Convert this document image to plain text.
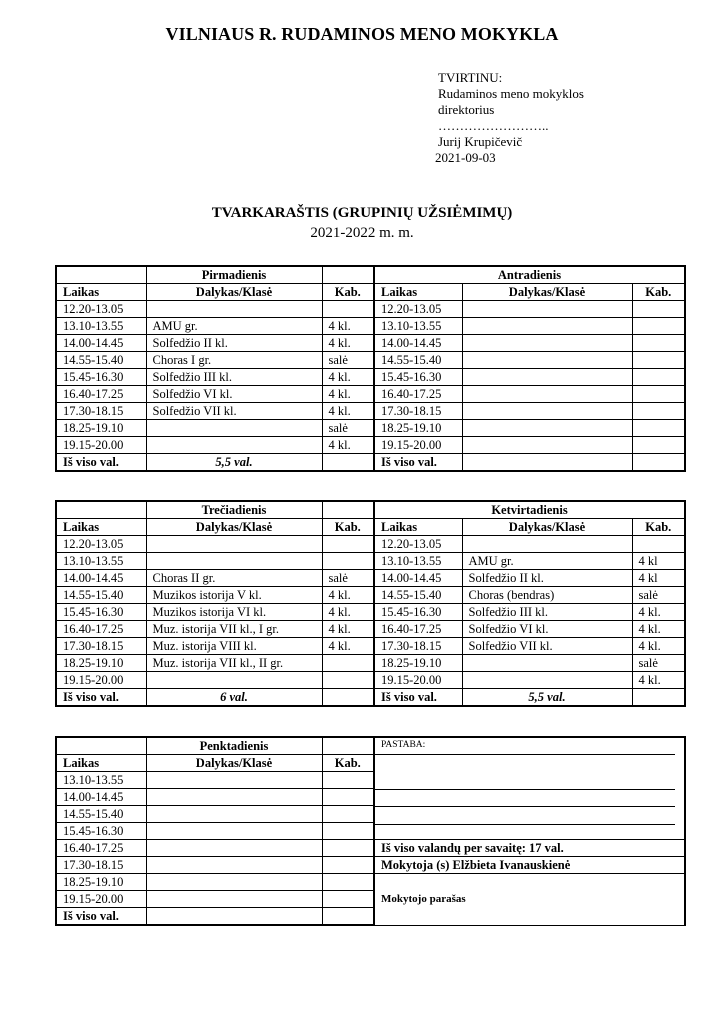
VILNIAUS R. RUDAMINOS MENO MOKYKLA
TVIRTINU:
Rudaminos meno mokyklos
direktorius
……………………..
Jurij Krupičevič
2021-09-03
TVARKARAŠTIS (GRUPINIŲ UŽSIĖMIMŲ)
2021-2022 m. m.
	Pirmadienis		Antradienis		
Laikas	Dalykas/Klasė	Kab.	Laikas	Dalykas/Klasė	Kab.
12.20-13.05			12.20-13.05		
13.10-13.55	AMU gr.	4 kl.	13.10-13.55		
14.00-14.45	Solfedžio II kl.	4 kl.	14.00-14.45		
14.55-15.40	Choras I gr.	salė	14.55-15.40		
15.45-16.30	Solfedžio III kl.	4 kl.	15.45-16.30		
16.40-17.25	Solfedžio VI kl.	4 kl.	16.40-17.25		
17.30-18.15	Solfedžio VII kl.	4 kl.	17.30-18.15		
18.25-19.10		salė	18.25-19.10		
19.15-20.00		4 kl.	19.15-20.00		
Iš viso val.	5,5 val.		Iš viso val.		
	Trečiadienis		Ketvirtadienis		
Laikas	Dalykas/Klasė	Kab.	Laikas	Dalykas/Klasė	Kab.
12.20-13.05			12.20-13.05		
13.10-13.55			13.10-13.55	AMU gr.	4 kl
14.00-14.45	Choras II gr.	salė	14.00-14.45	Solfedžio II kl.	4 kl
14.55-15.40	Muzikos istorija V kl.	4 kl.	14.55-15.40	Choras (bendras)	salė
15.45-16.30	Muzikos istorija VI kl.	4 kl.	15.45-16.30	Solfedžio III kl.	4 kl.
16.40-17.25	Muz. istorija VII kl., I gr.	4 kl.	16.40-17.25	Solfedžio VI kl.	4 kl.
17.30-18.15	Muz. istorija VIII kl.	4 kl.	17.30-18.15	Solfedžio VII kl.	4 kl.
18.25-19.10	Muz. istorija VII kl., II gr.		18.25-19.10		salė
19.15-20.00			19.15-20.00		4 kl.
Iš viso val.	6 val.		Iš viso val.	5,5 val.	
	Penktadienis		PASTABA:

Laikas	Dalykas/Klasė	Kab.	
13.10-13.55			
14.00-14.45			
14.55-15.40			
15.45-16.30			
16.40-17.25			Iš viso valandų per savaitę: 17 val.
17.30-18.15			Mokytoja (s) Elžbieta Ivanauskienė
18.25-19.10			Mokytojo parašas
19.15-20.00			
Iš viso val.			
